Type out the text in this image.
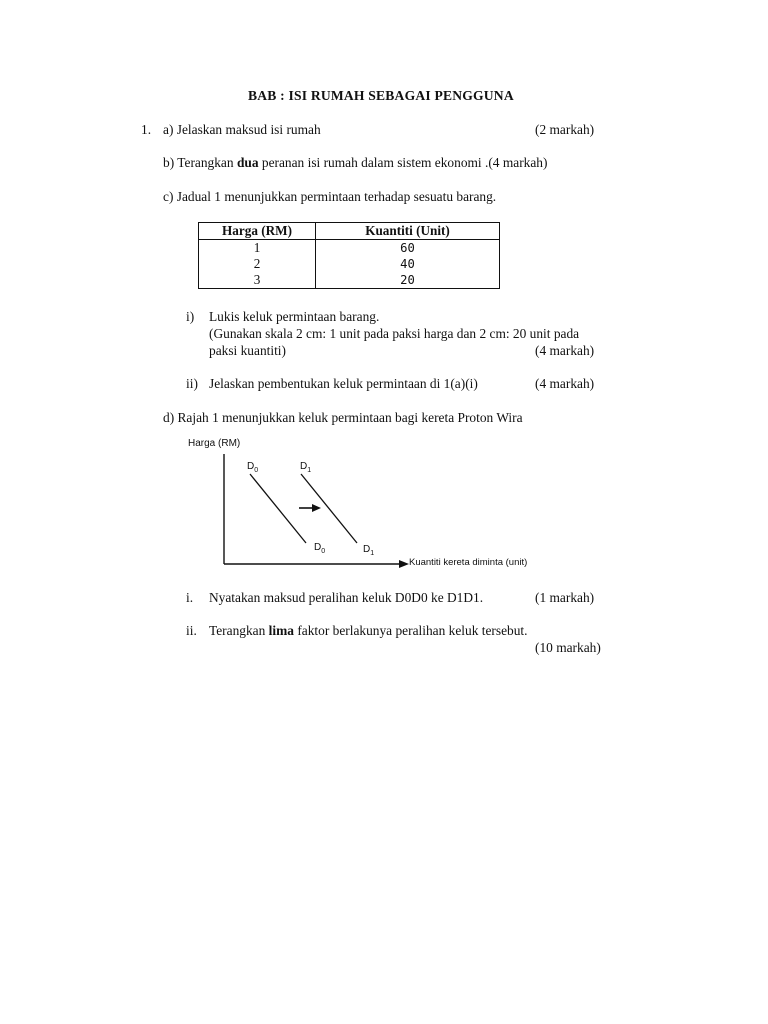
BAB : ISI RUMAH SEBAGAI PENGGUNA
1. a) Jelaskan maksud isi rumah	(2 markah)
b) Terangkan dua peranan isi rumah dalam sistem ekonomi .(4 markah)
c) Jadual 1 menunjukkan permintaan terhadap sesuatu barang.
Harga (RM)	Kuantiti (Unit)
1	60
2	40
3	20
i) Lukis keluk permintaan barang.
(Gunakan skala 2 cm: 1 unit pada paksi harga dan 2 cm: 20 unit pada
paksi kuantiti)	(4 markah)
ii) Jelaskan pembentukan keluk permintaan di 1(a)(i)	(4 markah)
d) Rajah 1 menunjukkan keluk permintaan bagi kereta Proton Wira
Harga (RM)
Kuantiti kereta diminta (unit)
$D_0$	$D_1$
$D_0$	$D_1$
i. Nyatakan maksud peralihan keluk D0D0 ke D1D1.	(1 markah)
ii. Terangkan lima faktor berlakunya peralihan keluk tersebut.
(10 markah)
